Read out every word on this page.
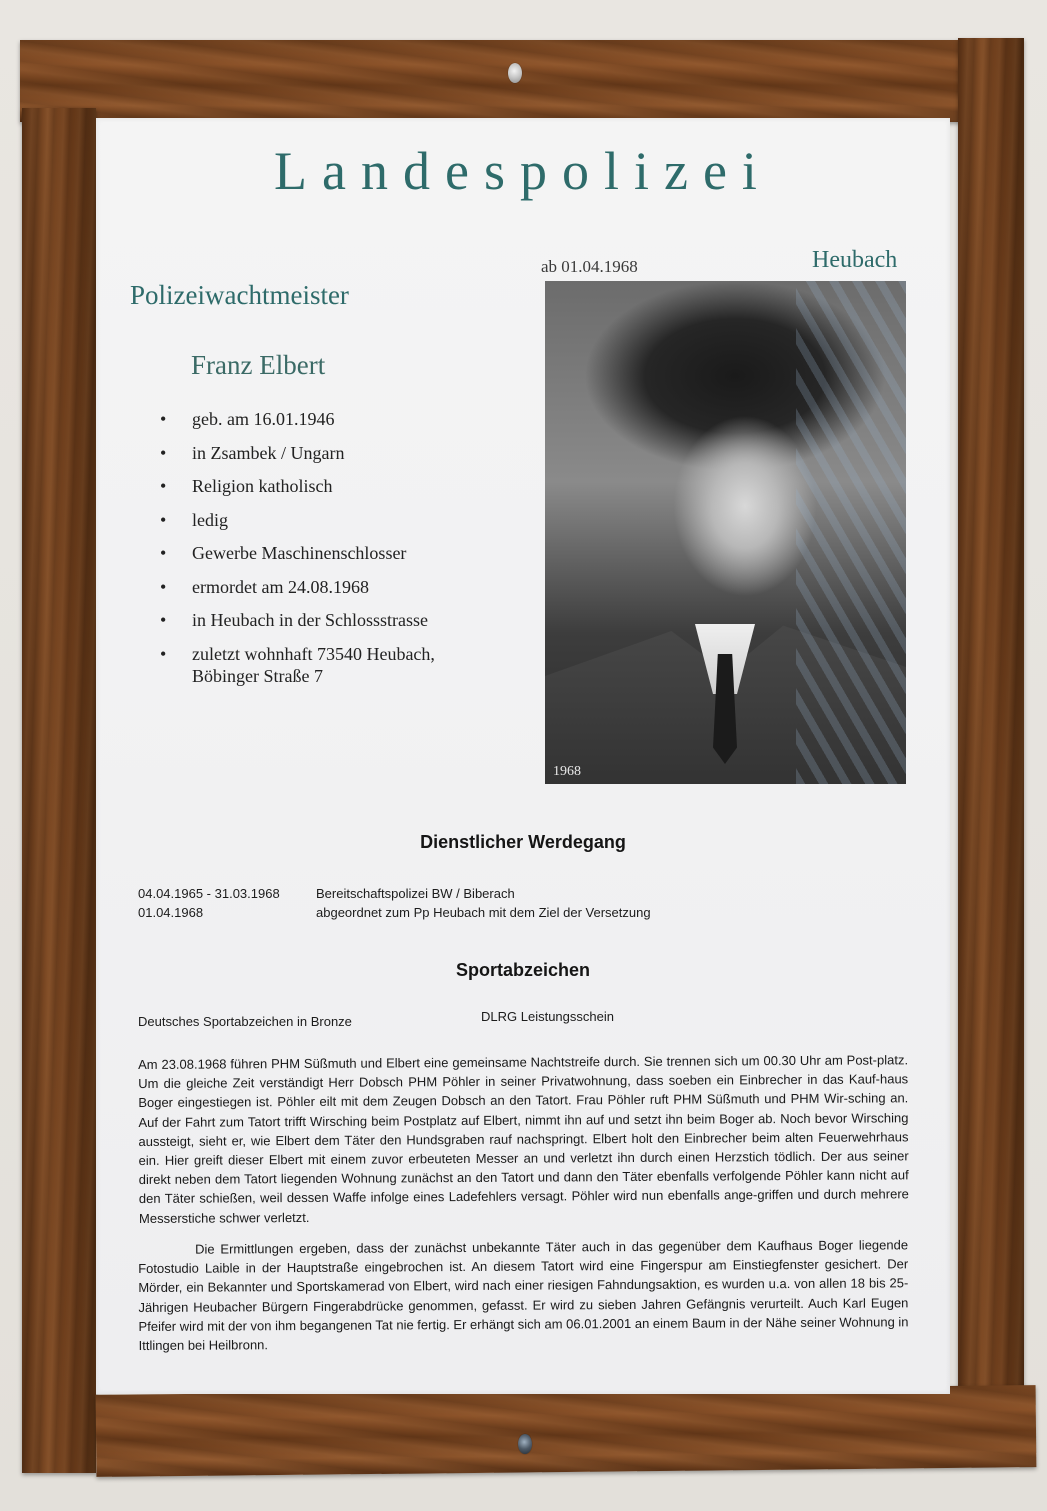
Landespolizei
ab 01.04.1968	Heubach
Polizeiwachtmeister
Franz Elbert
• geb. am 16.01.1946
• in Zsambek / Ungarn
• Religion katholisch
• ledig
• Gewerbe Maschinenschlosser
• ermordet am 24.08.1968
• in Heubach in der Schlossstrasse
• zuletzt wohnhaft 73540 Heubach,
Böbinger Straße 7
1968
Dienstlicher Werdegang
04.04.1965 - 31.03.1968	Bereitschaftspolizei BW / Biberach
01.04.1968	abgeordnet zum Pp Heubach mit dem Ziel der Versetzung
Sportabzeichen
Deutsches Sportabzeichen in Bronze	DLRG Leistungsschein

Am 23.08.1968 führen PHM Süßmuth und Elbert eine gemeinsame Nachtstreife durch. Sie trennen sich um 00.30 Uhr am Post-platz. Um die gleiche Zeit verständigt Herr Dobsch PHM Pöhler in seiner Privatwohnung, dass soeben ein Einbrecher in das Kauf-haus Boger eingestiegen ist. Pöhler eilt mit dem Zeugen Dobsch an den Tatort. Frau Pöhler ruft PHM Süßmuth und PHM Wir-sching an. Auf der Fahrt zum Tatort trifft Wirsching beim Postplatz auf Elbert, nimmt ihn auf und setzt ihn beim Boger ab. Noch bevor Wirsching aussteigt, sieht er, wie Elbert dem Täter den Hundsgraben rauf nachspringt. Elbert holt den Einbrecher beim alten Feuerwehrhaus ein. Hier greift dieser Elbert mit einem zuvor erbeuteten Messer an und verletzt ihn durch einen Herzstich tödlich. Der aus seiner direkt neben dem Tatort liegenden Wohnung zunächst an den Tatort und dann den Täter ebenfalls verfolgende Pöhler kann nicht auf den Täter schießen, weil dessen Waffe infolge eines Ladefehlers versagt. Pöhler wird nun ebenfalls ange-griffen und durch mehrere Messerstiche schwer verletzt.

Die Ermittlungen ergeben, dass der zunächst unbekannte Täter auch in das gegenüber dem Kaufhaus Boger liegende Fotostudio Laible in der Hauptstraße eingebrochen ist. An diesem Tatort wird eine Fingerspur am Einstiegfenster gesichert. Der Mörder, ein Bekannter und Sportskamerad von Elbert, wird nach einer riesigen Fahndungsaktion, es wurden u.a. von allen 18 bis 25-Jährigen Heubacher Bürgern Fingerabdrücke genommen, gefasst. Er wird zu sieben Jahren Gefängnis verurteilt. Auch Karl Eugen Pfeifer wird mit der von ihm begangenen Tat nie fertig. Er erhängt sich am 06.01.2001 an einem Baum in der Nähe seiner Wohnung in Ittlingen bei Heilbronn.
